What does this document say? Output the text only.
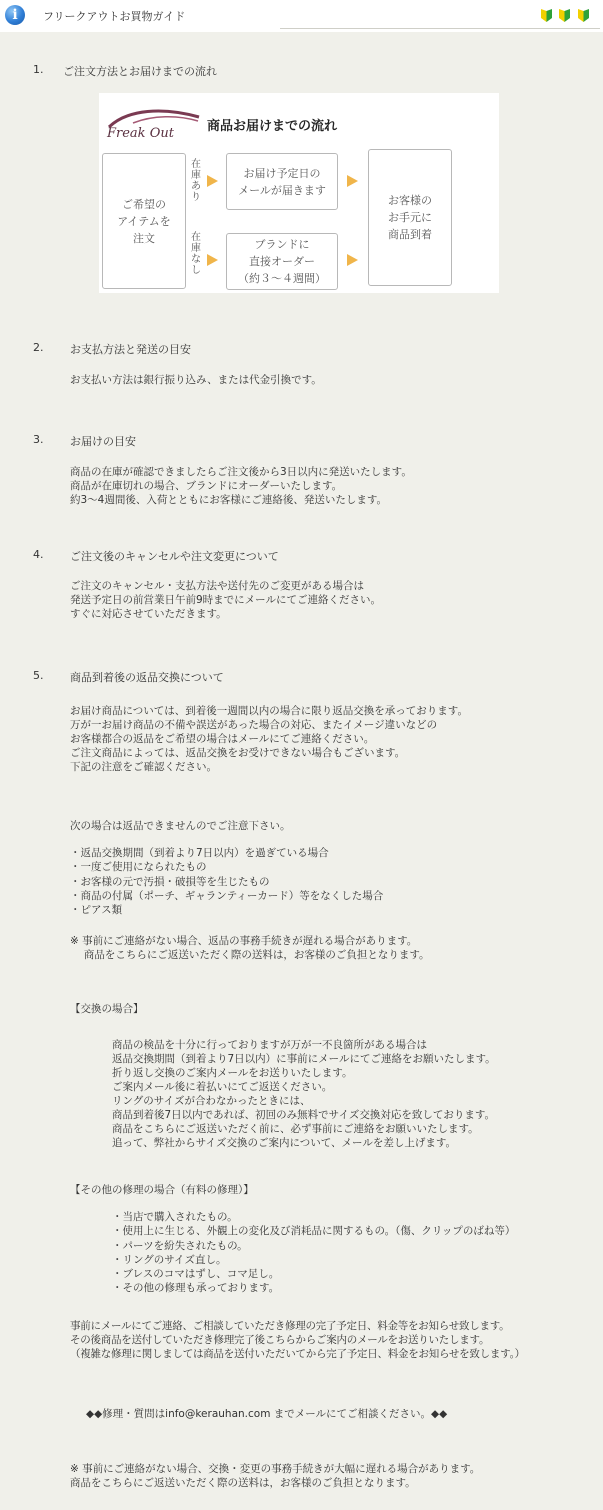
i	フリークアウトお買物ガイド

1. ご注文方法とお届けまでの流れ
Freak Out	商品お届けまでの流れ
ご希望の
アイテムを
注文
在 庫 あ り
お届け予定日の
メールが届きます
在 庫 な し
ブランドに
直接オーダー
（約３～４週間）
お客様の
お手元に
商品到着
2. お支払方法と発送の目安
お支払い方法は銀行振り込み、または代金引換です。
3. お届けの目安
商品の在庫が確認できましたらご注文後から3日以内に発送いたします。
商品が在庫切れの場合、ブランドにオーダーいたします。
約3～4週間後、入荷とともにお客様にご連絡後、発送いたします。
4. ご注文後のキャンセルや注文変更について
ご注文のキャンセル・支払方法や送付先のご変更がある場合は
発送予定日の前営業日午前9時までにメールにてご連絡ください。
すぐに対応させていただきます。
5. 商品到着後の返品交換について
お届け商品については、到着後一週間以内の場合に限り返品交換を承っております。
万が一お届け商品の不備や誤送があった場合の対応、またイメージ違いなどの
お客様都合の返品をご希望の場合はメールにてご連絡ください。
ご注文商品によっては、返品交換をお受けできない場合もございます。
下記の注意をご確認ください。
次の場合は返品できませんのでご注意下さい。
・返品交換期間（到着より7日以内）を過ぎている場合
・一度ご使用になられたもの
・お客様の元で汚損・破損等を生じたもの
・商品の付属（ポーチ、ギャランティーカード）等をなくした場合
・ピアス類
※ 事前にご連絡がない場合、返品の事務手続きが遅れる場合があります。
　 商品をこちらにご返送いただく際の送料は，お客様のご負担となります。
【交換の場合】
商品の検品を十分に行っておりますが万が一不良箇所がある場合は
返品交換期間（到着より7日以内）に事前にメールにてご連絡をお願いたします。
折り返し交換のご案内メールをお送りいたします。
ご案内メール後に着払いにてご返送ください。
リングのサイズが合わなかったときには、
商品到着後7日以内であれば、初回のみ無料でサイズ交換対応を致しております。
商品をこちらにご返送いただく前に、必ず事前にご連絡をお願いいたします。
追って、弊社からサイズ交換のご案内について、メールを差し上げます。
【その他の修理の場合（有料の修理）】
・当店で購入されたもの。
・使用上に生じる、外観上の変化及び消耗品に関するもの。（傷、クリップのばね等）
・パーツを紛失されたもの。
・リングのサイズ直し。
・ブレスのコマはずし、コマ足し。
・その他の修理も承っております。
事前にメールにてご連絡、ご相談していただき修理の完了予定日、料金等をお知らせ致します。
その後商品を送付していただき修理完了後こちらからご案内のメールをお送りいたします。
（複雑な修理に関しましては商品を送付いただいてから完了予定日、料金をお知らせを致します。）
◆◆修理・質問はinfo@kerauhan.com までメールにてご相談ください。◆◆
※ 事前にご連絡がない場合、交換・変更の事務手続きが大幅に遅れる場合があります。
商品をこちらにご返送いただく際の送料は，お客様のご負担となります。
